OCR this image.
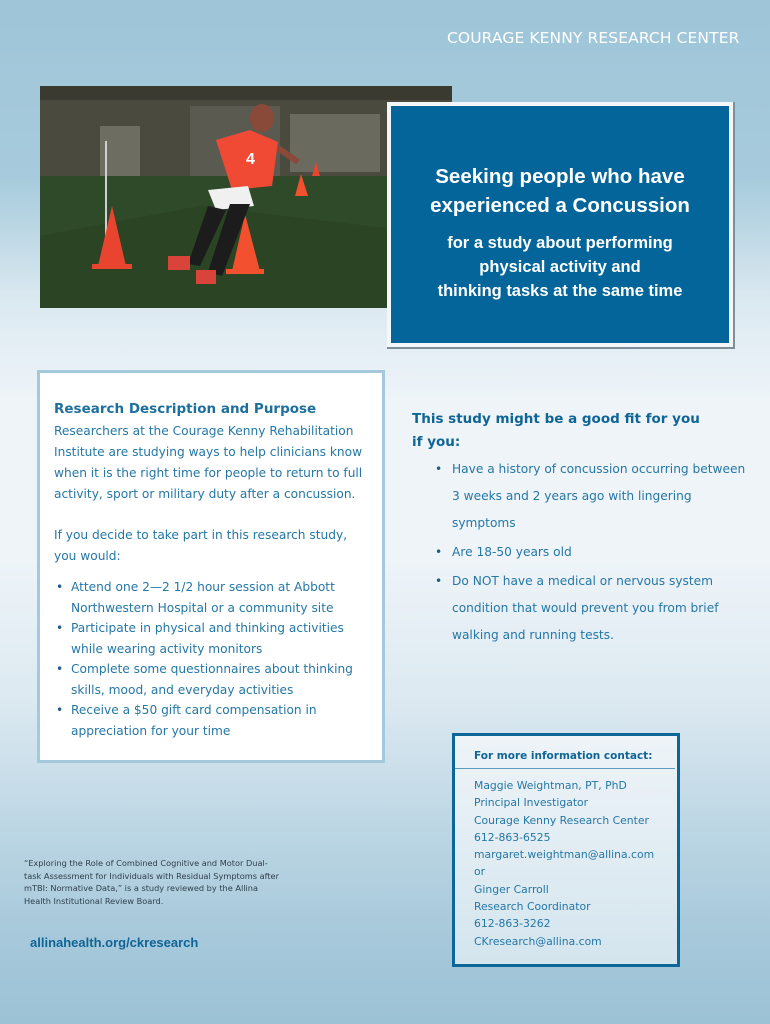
COURAGE KENNY RESEARCH CENTER
4
Seeking people who have
experienced a Concussion
for a study about performing
physical activity and
thinking tasks at the same time
Research Description and Purpose

Researchers at the Courage Kenny Rehabilitation Institute are studying ways to help clinicians know when it is the right time for people to return to full activity, sport or military duty after a concussion.

If you decide to take part in this research study, you would:

• Attend one 2—2 1/2 hour session at Abbott Northwestern Hospital or a community site
• Participate in physical and thinking activities while wearing activity monitors
• Complete some questionnaires about thinking skills, mood, and everyday activities
• Receive a $50 gift card compensation in appreciation for your time
This study might be a good fit for you if you:
• Have a history of concussion occurring between 3 weeks and 2 years ago with lingering symptoms
• Are 18-50 years old
• Do NOT have a medical or nervous system condition that would prevent you from brief walking and running tests.
For more information contact:
Maggie Weightman, PT, PhD
Principal Investigator
Courage Kenny Research Center
612-863-6525
margaret.weightman@allina.com
or
Ginger Carroll
Research Coordinator
612-863-3262
CKresearch@allina.com
“Exploring the Role of Combined Cognitive and Motor Dual-task Assessment for Individuals with Residual Symptoms after mTBI: Normative Data,” is a study reviewed by the Allina Health Institutional Review Board.
allinahealth.org/ckresearch
